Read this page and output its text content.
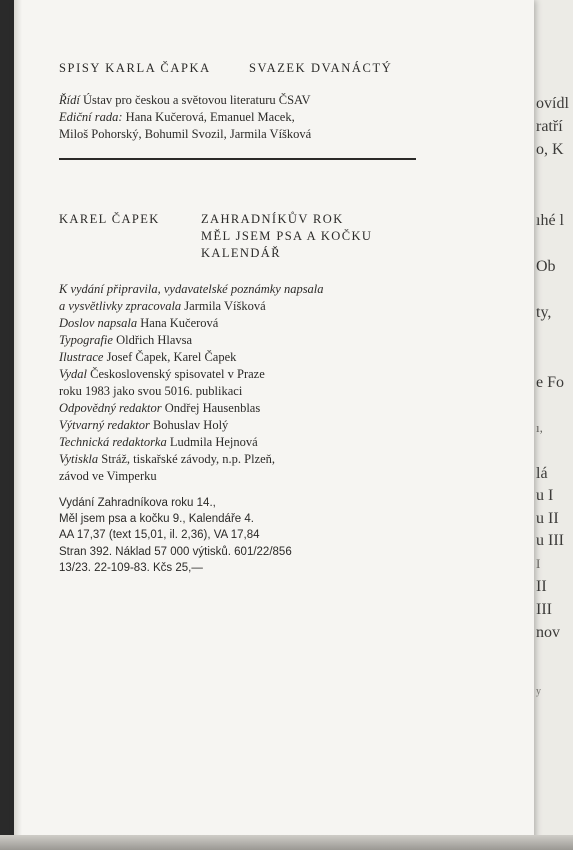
ovídl
ratří
o, K
ıhé l
Ob
ty,
e Fo
ı,
lá
u I
u II
u III
I
II
III
nov
y
SPISY KARLA ČAPKA	SVAZEK DVANÁCTÝ
Řídí Ústav pro českou a světovou literaturu ČSAV
Ediční rada: Hana Kučerová, Emanuel Macek,
Miloš Pohorský, Bohumil Svozil, Jarmila Víšková
KAREL ČAPEK	ZAHRADNÍKŮV ROK
MĚL JSEM PSA A KOČKU
KALENDÁŘ
K vydání připravila, vydavatelské poznámky napsala
a vysvětlivky zpracovala Jarmila Víšková
Doslov napsala Hana Kučerová
Typografie Oldřich Hlavsa
Ilustrace Josef Čapek, Karel Čapek
Vydal Československý spisovatel v Praze
roku 1983 jako svou 5016. publikaci
Odpovědný redaktor Ondřej Hausenblas
Výtvarný redaktor Bohuslav Holý
Technická redaktorka Ludmila Hejnová
Vytiskla Stráž, tiskařské závody, n.p. Plzeň,
závod ve Vimperku
Vydání Zahradníkova roku 14.,
Měl jsem psa a kočku 9., Kalendáře 4.
AA 17,37 (text 15,01, il. 2,36), VA 17,84
Stran 392. Náklad 57 000 výtisků. 601/22/856
13/23. 22-109-83. Kčs 25,—
